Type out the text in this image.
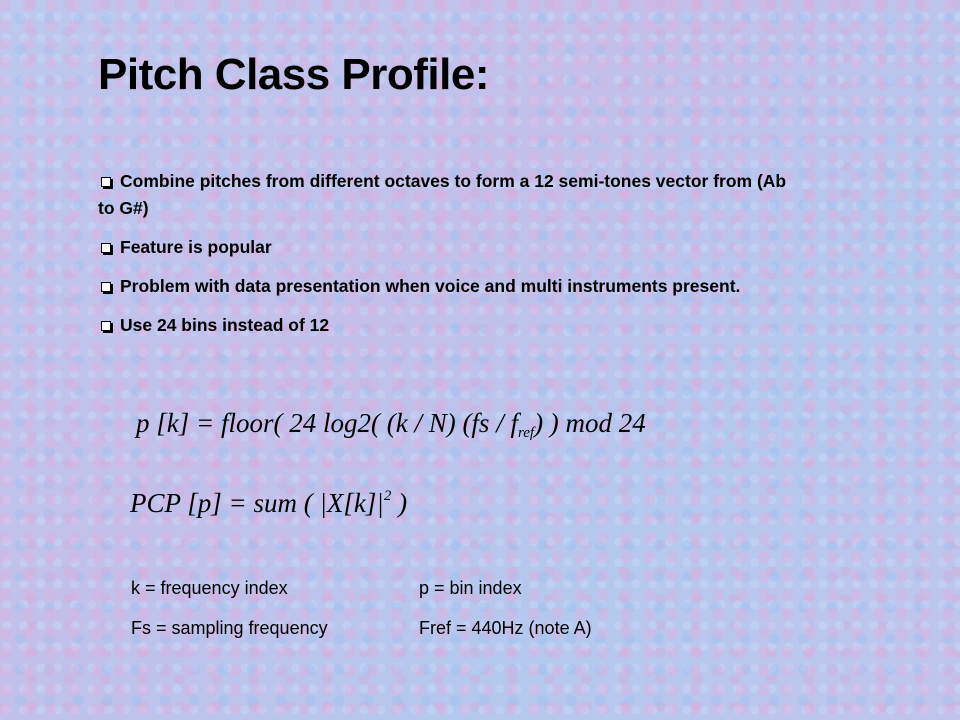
Pitch Class Profile:
Combine pitches from different octaves to form a 12 semi-tones vector from (Ab to G#)
Feature is popular
Problem with data presentation when voice and multi instruments present.
Use 24 bins instead of 12
p [k] = floor( 24 log2( (k / N) $(fs / f_{ref})$ ) mod 24
PCP [p] = sum ( $|X[k]|^2$ )
k = frequency index	p = bin index
Fs = sampling frequency	Fref = 440Hz (note A)
